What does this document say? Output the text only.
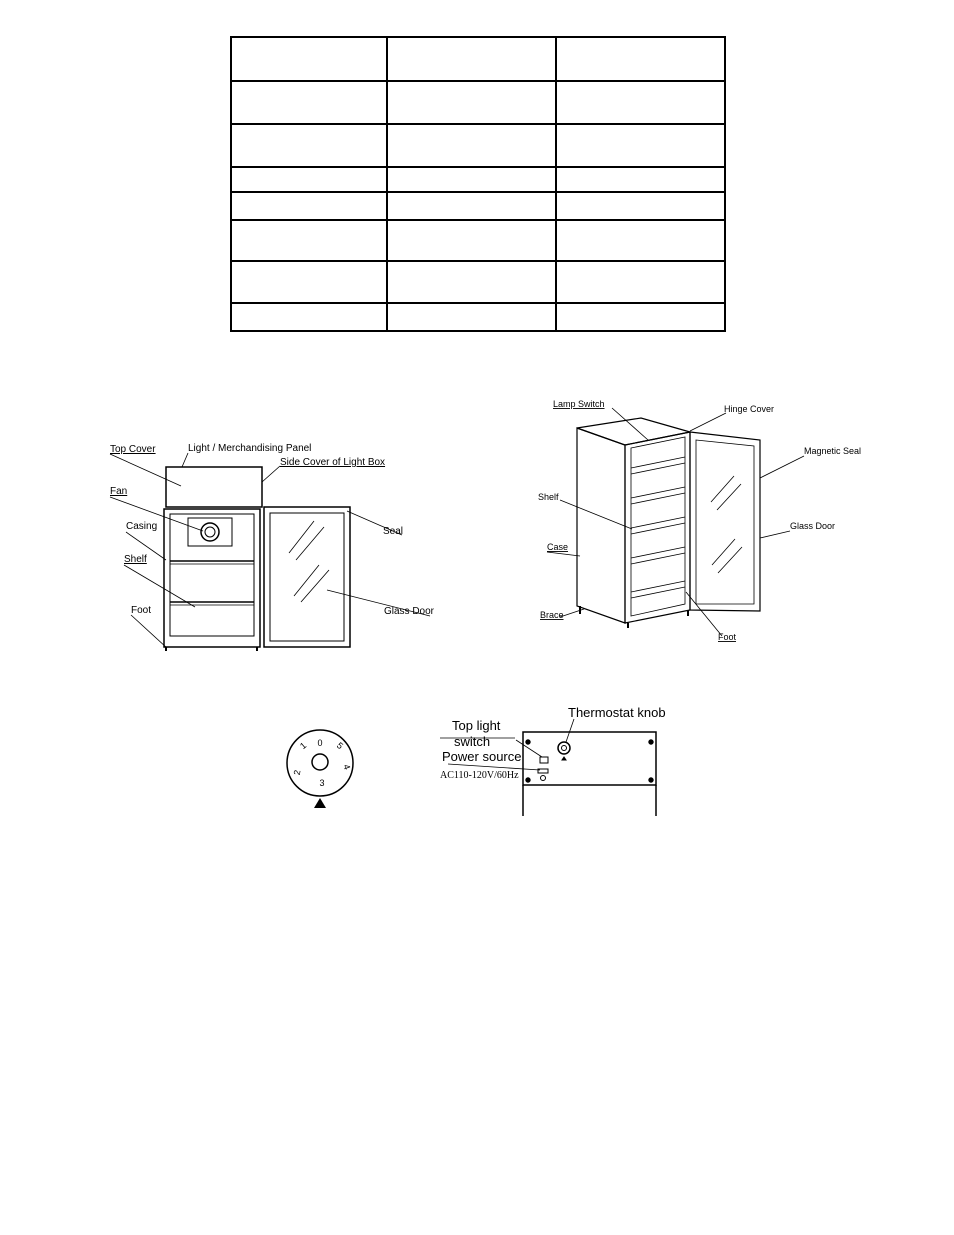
Top Cover	Light / Merchandising Panel
Side Cover of Light Box
Fan
Casing
Shelf
Foot
Seal
Glass Door
Lamp Switch	Hinge Cover
Magnetic Seal
Shelf
Glass Door
Case
Brace
Foot
0
1
2
3
4
5
Thermostat knob
Top light
switch
Power source
AC110-120V/60Hz
